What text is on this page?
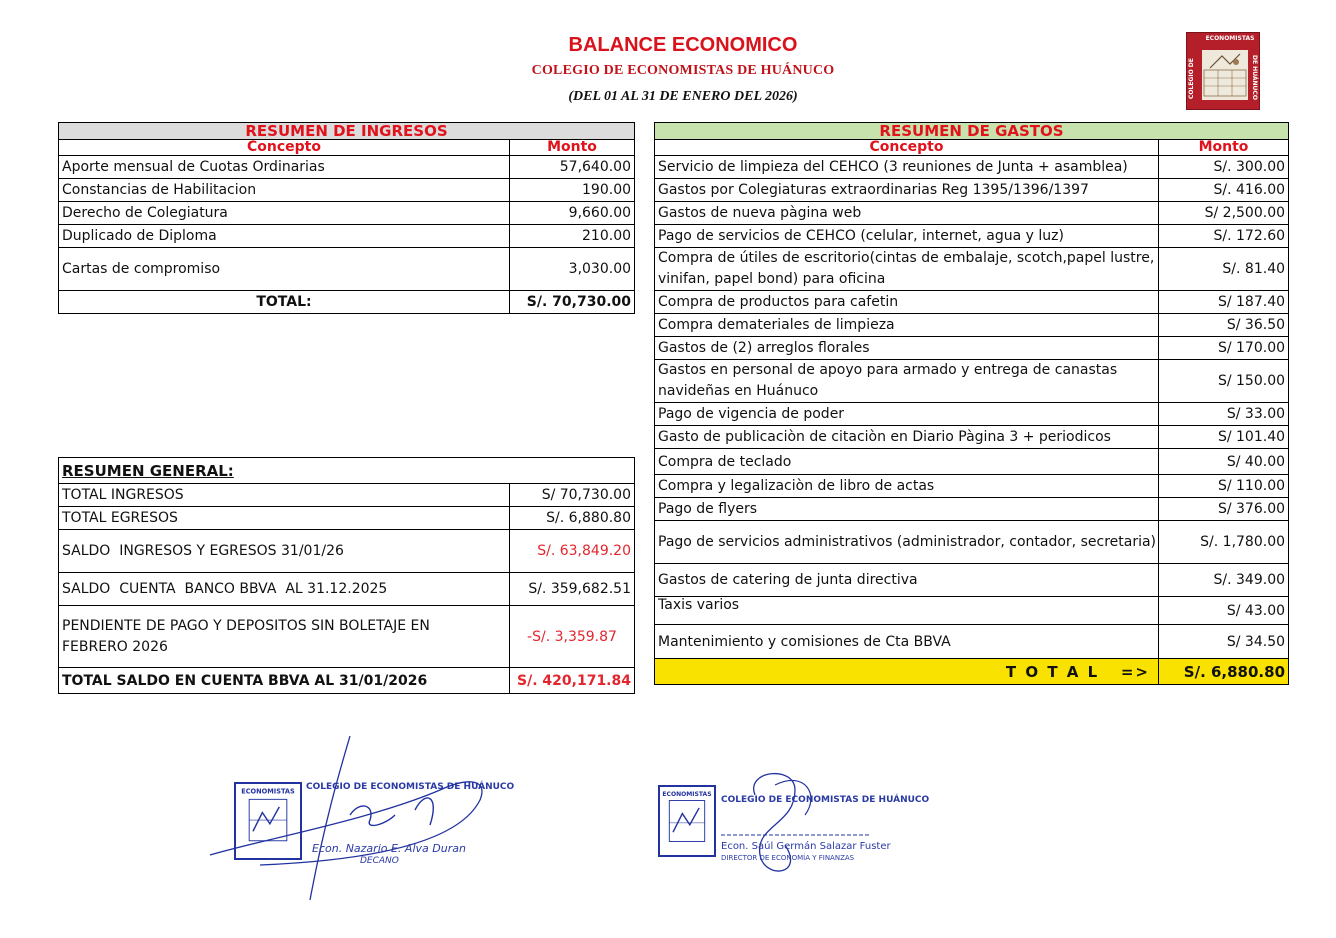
BALANCE ECONOMICO
COLEGIO DE ECONOMISTAS DE HUÁNUCO
(DEL 01 AL 31 DE ENERO DEL 2026)
ECONOMISTAS
COLEGIO DE	DE HUÁNUCO
RESUMEN DE INGRESOS	
Concepto	Monto
Aporte mensual de Cuotas Ordinarias	57,640.00
Constancias de Habilitacion	190.00
Derecho de Colegiatura	9,660.00
Duplicado de Diploma	210.00
Cartas de compromiso	3,030.00
TOTAL:	S/. 70,730.00
RESUMEN DE GASTOS	
Concepto	Monto
Servicio de limpieza del CEHCO (3 reuniones de Junta + asamblea)	S/. 300.00
Gastos por Colegiaturas extraordinarias Reg 1395/1396/1397	S/. 416.00
Gastos de nueva pàgina web	S/ 2,500.00
Pago de servicios de CEHCO (celular, internet, agua y luz)	S/. 172.60
Compra de útiles de escritorio(cintas de embalaje, scotch,papel lustre, vinifan, papel bond) para oficina	S/. 81.40
Compra de productos para cafetin	S/ 187.40
Compra demateriales de limpieza	S/ 36.50
Gastos de (2) arreglos florales	S/ 170.00
Gastos en personal de apoyo para armado y entrega de canastas navideñas en Huánuco	S/ 150.00
Pago de vigencia de poder	S/ 33.00
Gasto de publicaciòn de citaciòn en Diario Pàgina 3 + periodicos	S/ 101.40
Compra de teclado	S/ 40.00
Compra y legalizaciòn de libro de actas	S/ 110.00
Pago de flyers	S/ 376.00
Pago de servicios administrativos (administrador, contador, secretaria)	S/. 1,780.00
Gastos de catering de junta directiva	S/. 349.00
Taxis varios	S/ 43.00
Mantenimiento y comisiones de Cta BBVA	S/ 34.50
T O T A L   =>	S/. 6,880.80
RESUMEN GENERAL:	
TOTAL INGRESOS	S/ 70,730.00
TOTAL EGRESOS	S/. 6,880.80
SALDO  INGRESOS Y EGRESOS 31/01/26	S/. 63,849.20
SALDO  CUENTA  BANCO BBVA  AL 31.12.2025	S/. 359,682.51
PENDIENTE DE PAGO Y DEPOSITOS SIN BOLETAJE EN FEBRERO 2026	-S/. 3,359.87
TOTAL SALDO EN CUENTA BBVA AL 31/01/2026	S/. 420,171.84
ECONOMISTAS COLEGIO DE ECONOMISTAS DE HUÁNUCO
Econ. Nazario E. Alva Duran
DECANO
ECONOMISTAS
COLEGIO DE ECONOMISTAS DE HUÁNUCO
Econ. Saúl Germán Salazar Fuster
DIRECTOR DE ECONOMÍA Y FINANZAS
